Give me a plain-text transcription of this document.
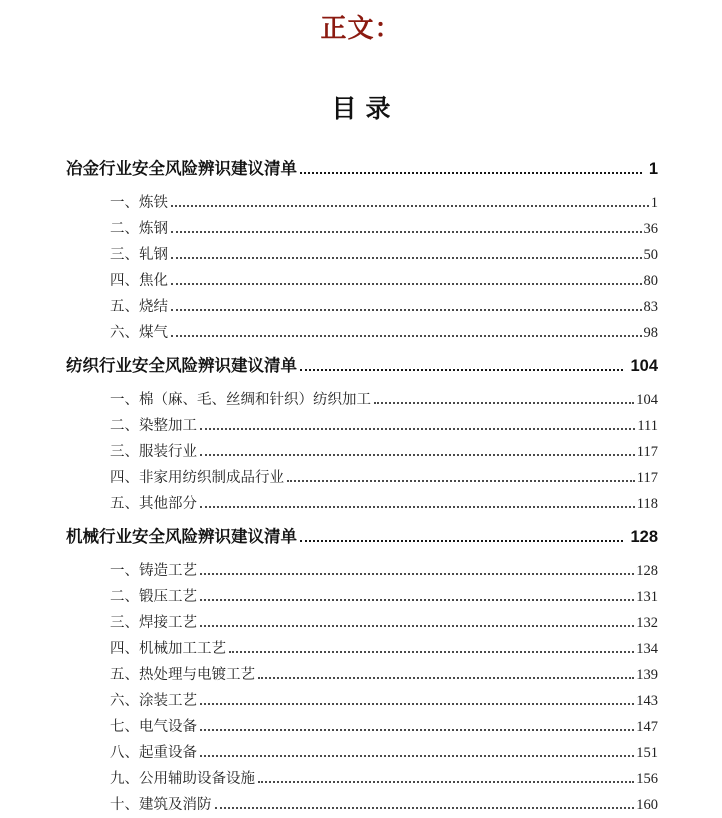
正文：
目录
冶金行业安全风险辨识建议清单	1
一、炼铁	1
二、炼钢	36
三、轧钢	50
四、焦化	80
五、烧结	83
六、煤气	98
纺织行业安全风险辨识建议清单	104
一、棉（麻、毛、丝绸和针织）纺织加工	104
二、染整加工	111
三、服装行业	117
四、非家用纺织制成品行业	117
五、其他部分	118
机械行业安全风险辨识建议清单	128
一、铸造工艺	128
二、锻压工艺	131
三、焊接工艺	132
四、机械加工工艺	134
五、热处理与电镀工艺	139
六、涂装工艺	143
七、电气设备	147
八、起重设备	151
九、公用辅助设备设施	156
十、建筑及消防	160
